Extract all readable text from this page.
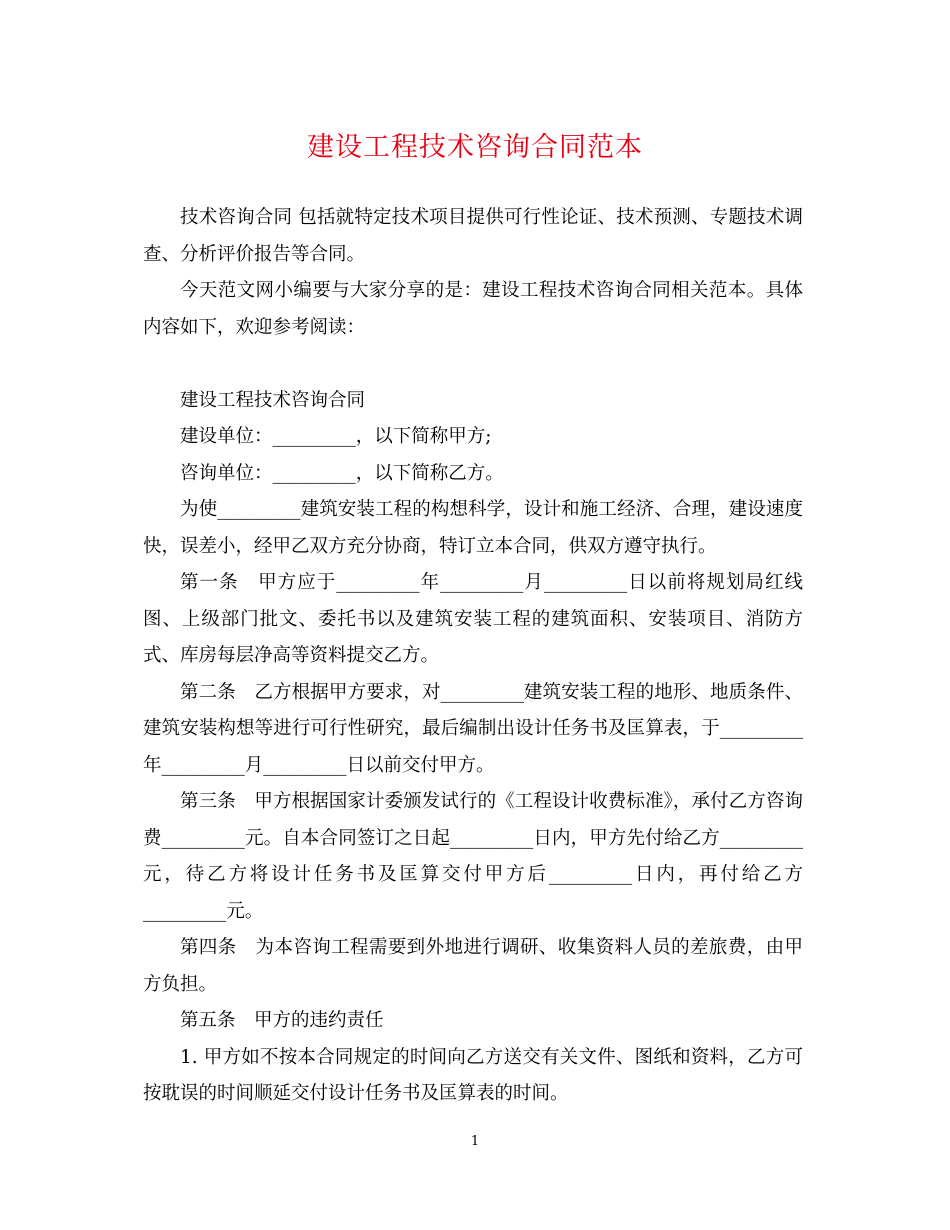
建设工程技术咨询合同范本

技术咨询合同 包括就特定技术项目提供可行性论证、技术预测、专题技术调查、分析评价报告等合同。

今天范文网小编要与大家分享的是：建设工程技术咨询合同相关范本。具体内容如下，欢迎参考阅读：

建设工程技术咨询合同

建设单位：_________，以下简称甲方;

咨询单位：_________，以下简称乙方。

为使_________建筑安装工程的构想科学，设计和施工经济、合理，建设速度快，误差小，经甲乙双方充分协商，特订立本合同，供双方遵守执行。

第一条　甲方应于_________年_________月_________日以前将规划局红线图、上级部门批文、委托书以及建筑安装工程的建筑面积、安装项目、消防方式、库房每层净高等资料提交乙方。

第二条　乙方根据甲方要求，对_________建筑安装工程的地形、地质条件、建筑安装构想等进行可行性研究，最后编制出设计任务书及匡算表，于_________年_________月_________日以前交付甲方。

第三条　甲方根据国家计委颁发试行的《工程设计收费标准》，承付乙方咨询费_________元。自本合同签订之日起_________日内，甲方先付给乙方_________元，待乙方将设计任务书及匡算交付甲方后_________日内，再付给乙方_________元。

第四条　为本咨询工程需要到外地进行调研、收集资料人员的差旅费，由甲方负担。

第五条　甲方的违约责任

1. 甲方如不按本合同规定的时间向乙方送交有关文件、图纸和资料，乙方可按耽误的时间顺延交付设计任务书及匡算表的时间。

1
